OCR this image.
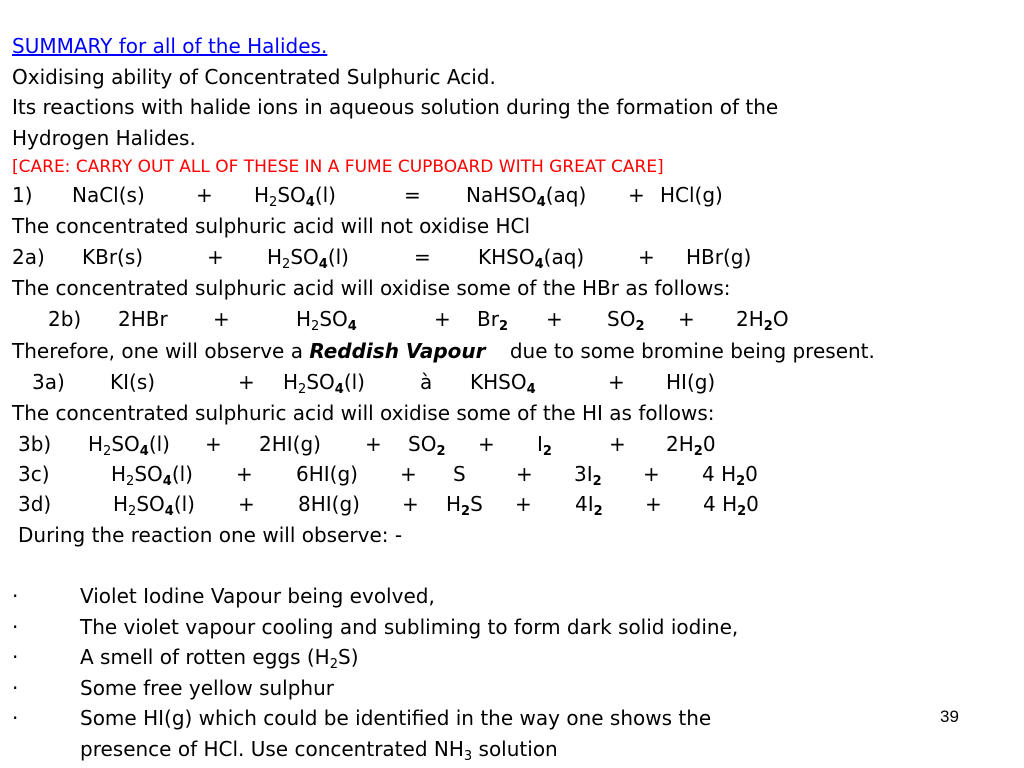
SUMMARY for all of the Halides.
Oxidising ability of Concentrated Sulphuric Acid.
Its reactions with halide ions in aqueous solution during the formation of the
Hydrogen Halides.
[CARE: CARRY OUT ALL OF THESE IN A FUME CUPBOARD WITH GREAT CARE]
1) NaCl(s)	+ $H_2SO_4(l)$	= NaHSO$_4$(aq) + HCl(g)
The concentrated sulphuric acid will not oxidise HCl
2a) KBr(s)	+ $H_2SO_4(l)$	= $KHSO_4(aq)$	+ HBr(g)
The concentrated sulphuric acid will oxidise some of the HBr as follows:
2b) 2HBr +	$H_2SO_4$	+ $Br_2 + SO_2 + 2H_2O$
Therefore, one will observe a Reddish Vapour due to some bromine being present.
3a) KI(s)	+ $H_2SO_4(l)$	à $KHSO_4$	+ HI(g)
The concentrated sulphuric acid will oxidise some of the HI as follows:
3b) $H_2SO_4(l) + 2HI(g) + SO_2 + I_2$	+ $2H_20$
3c)	$H_2SO_4(l) + 6HI(g) + S$	+ $3I_2 + 4$ $H_20$
3d)	$H_2SO_4(l) + 8HI(g) + H_2S + 4I_2 + 4$ $H_20$
During the reaction one will observe: -
·	Violet Iodine Vapour being evolved,
·	The violet vapour cooling and subliming to form dark solid iodine,
·	A smell of rotten eggs $(H_2S)$
·	Some free yellow sulphur
·	Some HI(g) which could be identified in the way one shows the
presence of HCl. Use concentrated $NH_3$ solution
39
